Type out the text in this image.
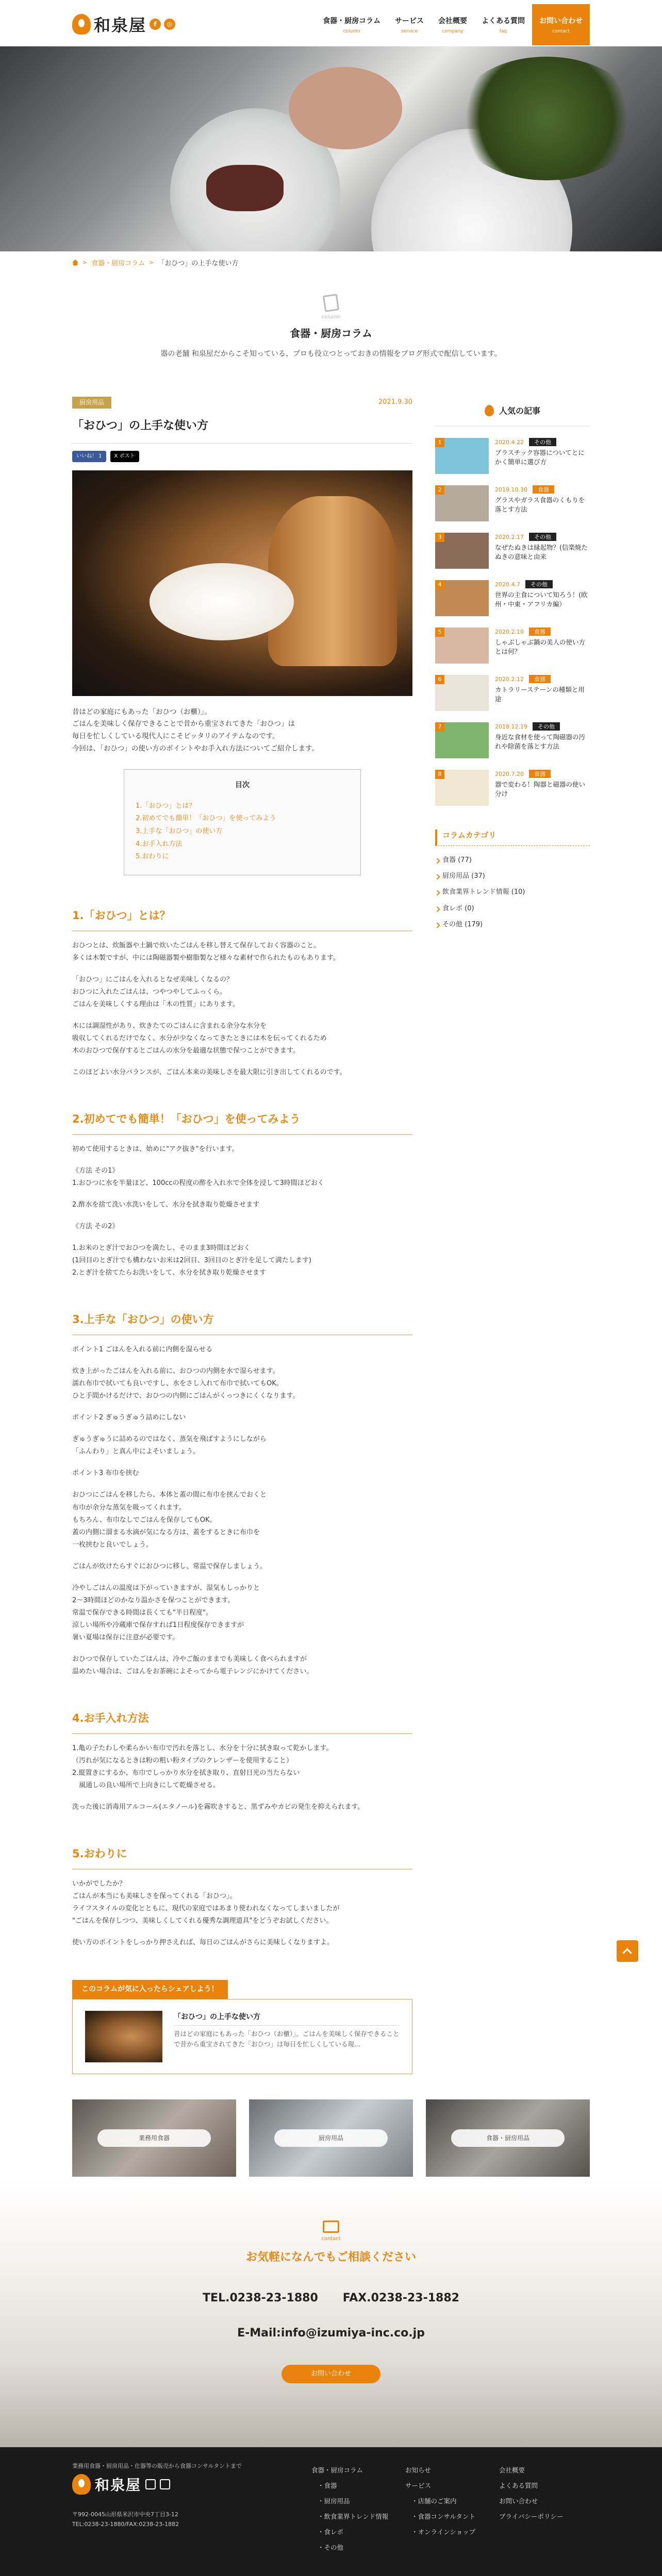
和泉屋	f	◎	食器・厨房コラム
column
サービス
service
会社概要
company
よくある質問
faq
お問い合わせ
contact
> 食器・厨房コラム > 「おひつ」の上手な使い方
column
食器・厨房コラム
器の老舗 和泉屋だからこそ知っている、プロも役立つとっておきの情報をブログ形式で配信しています。
厨房用品	2021.9.30
「おひつ」の上手な使い方
いいね！ 1	X ポスト

昔はどの家庭にもあった「おひつ（お櫃）」。

ごはんを美味しく保存できることで昔から重宝されてきた「おひつ」は

毎日を忙しくしている現代人にこそピッタリのアイテムなのです。

今回は、「おひつ」の使い方のポイントやお手入れ方法についてご紹介します。

目次
1.「おひつ」とは？
2.初めてでも簡単！「おひつ」を使ってみよう
3.上手な「おひつ」の使い方
4.お手入れ方法
5.おわりに
1.「おひつ」とは？

おひつとは、炊飯器や土鍋で炊いたごはんを移し替えて保存しておく容器のこと。

多くは木製ですが、中には陶磁器製や樹脂製など様々な素材で作られたものもあります。

「おひつ」にごはんを入れるとなぜ美味しくなるの？

おひつに入れたごはんは、つやつやしてふっくら。

ごはんを美味しくする理由は「木の性質」にあります。

木には調湿性があり、炊きたてのごはんに含まれる余分な水分を

吸収してくれるだけでなく、水分が少なくなってきたときには木を伝ってくれるため

木のおひつで保存するとごはんの水分を最適な状態で保つことができます。

このほどよい水分バランスが、ごはん本来の美味しさを最大限に引き出してくれるのです。

2.初めてでも簡単！「おひつ」を使ってみよう

初めて使用するときは、始めに"アク抜き"を行います。

《方法 その1》

1.おひつに水を半量ほど、100ccの程度の酢を入れ水で全体を浸して3時間ほどおく

2.酢水を捨て洗い水洗いをして、水分を拭き取り乾燥させます

《方法 その2》

1.お米のとぎ汁でおひつを満たし、そのまま3時間ほどおく

(1回目のとぎ汁でも構わないお米は2回目、3回目のとぎ汁を足して満たします)

2.とぎ汁を捨てたらお洗いをして、水分を拭き取り乾燥させます

3.上手な「おひつ」の使い方

ポイント1 ごはんを入れる前に内側を湿らせる

炊き上がったごはんを入れる前に、おひつの内側を水で湿らせます。

濡れ布巾で拭いても良いですし、水をさし入れて布巾で拭いてもOK。

ひと手間かけるだけで、おひつの内側にごはんがくっつきにくくなります。

ポイント2 ぎゅうぎゅう詰めにしない

ぎゅうぎゅうに詰めるのではなく、蒸気を飛ばすようにしながら

「ふんわり」と真ん中によそいましょう。

ポイント3 布巾を挟む

おひつにごはんを移したら、本体と蓋の間に布巾を挟んでおくと

布巾が余分な蒸気を吸ってくれます。

もちろん、布巾なしでごはんを保存してもOK。

蓋の内側に溜まる水滴が気になる方は、蓋をするときに布巾を

一枚挟むと良いでしょう。

ごはんが炊けたらすぐにおひつに移し、常温で保存しましょう。

冷やしごはんの温度は下がっていきますが、湿気もしっかりと

2〜3時間ほどのかなり温かさを保つことができます。

常温で保存できる時間は長くても"半日程度"。

涼しい場所や冷蔵庫で保存すれば1日程度保存できますが

暑い夏場は保存に注意が必要です。

おひつで保存していたごはんは、冷やご飯のままでも美味しく食べられますが

温めたい場合は、ごはんをお茶碗によそってから電子レンジにかけてください。

4.お手入れ方法

1.亀の子たわしや柔らかい布巾で汚れを落とし、水分を十分に拭き取って乾かします。

（汚れが気になるときは粉の粗い粉タイプのクレンザーを使用すること）

2.縦置きにするか、布巾でしっかり水分を拭き取り、直射日光の当たらない

　風通しの良い場所で上向きにして乾燥させる。

洗った後に消毒用アルコール(エタノール)を霧吹きすると、黒ずみやカビの発生を抑えられます。

5.おわりに

いかがでしたか？

ごはんが本当にも美味しさを保ってくれる「おひつ」。

ライフスタイルの変化とともに、現代の家庭ではあまり使われなくなってしまいましたが

"ごはんを保存しつつ、美味しくしてくれる優秀な調理道具"をどうぞお試しください。

使い方のポイントをしっかり押さえれば、毎日のごはんがさらに美味しくなりますよ。

このコラムが気に入ったらシェアしよう！
「おひつ」の上手な使い方
昔はどの家庭にもあった「おひつ（お櫃）」。ごはんを美味しく保存できることで昔から重宝されてきた「おひつ」は毎日を忙しくしている現...
人気の記事
1	2020.4.22	その他
プラスチック容器についてとにかく簡単に選び方
2	2019.10.30	食器
グラスやガラス食器のくもりを落とす方法
3	2020.2.17	その他
なぜたぬきは縁起物？(信楽焼たぬきの意味と由来
4	2020.4.7	その他
世界の主食について知ろう！(欧州・中東・アフリカ編）
5	2020.2.10	食器
しゃぶしゃぶ鍋の美人の使い方とは何？
6	2020.2.12	食器
カトラリーステーンの種類と用途
7	2018.12.19	その他
身近な食材を使って陶磁器の汚れや除菌を落とす方法
8	2020.7.20	食器
器で変わる！陶器と磁器の使い分け
コラムカテゴリ
食器 (77)
厨房用品 (37)
飲食業界トレンド情報 (10)
食レポ (0)
その他 (179)
業務用食器	厨房用品	食器・厨房用品
contact
お気軽になんでもご相談ください
TEL.0238-23-1880 FAX.0238-23-1882
E-Mail:info@izumiya-inc.co.jp
お問い合わせ
業務用食器・厨房用品・仕器等の販売から食器コンサルタントまで
和泉屋
〒992-0045山形県米沢市中央7丁目3-12
TEL:0238-23-1880/FAX:0238-23-1882
食器・厨房コラム
・食器
・厨房用品
・飲食業界トレンド情報
・食レポ
・その他
お知らせ
サービス
・店舗のご案内
・食器コンサルタント
・オンラインショップ
会社概要
よくある質問
お問い合わせ
プライバシーポリシー
